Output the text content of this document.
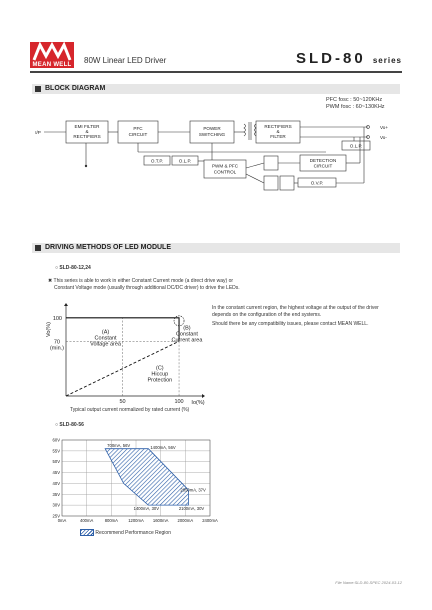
MEAN WELL	80W Linear LED Driver	SLD-80 series
BLOCK DIAGRAM
PFC fosc : 50~120KHz
PWM fosc : 60~130KHz
I/P
EMI FILTER
&
RECTIFIERS
PFC
CIRCUIT
POWER
SWITCHING
RECTIFIERS
&
FILTER
O.L.P.
O.T.P.	O.L.P.
PWM & PFC
CONTROL
DETECTION
CIRCUIT
O.V.P.
Vo+
Vo-
DRIVING METHODS OF LED MODULE
○ SLD-80-12,24
✖ This series is able to work in either Constant Current mode (a direct drive way) or
Constant Voltage mode (usually through additional DC/DC driver) to drive the LEDs.
In the constant current region, the highest voltage at the output of the driver
depends on the configuration of the end systems.
Should there be any compatibility issues, please contact MEAN WELL.
50	100 Io(%)
100
70
(min.)
Vo(%)	(A)
Constant
Voltage area
(B)
Constant
Current area
(C)
Hiccup
Protection
Typical output current normalized by rated current (%)
○ SLD-80-56
25V
30V
35V
40V
45V
50V
55V
60V
0mA	400mA	800mA 1200mA 1600mA 2000mA 2400mA
700mA, 56V	1400mA, 56V
2050mA, 37V
1400mA, 30V	2100mA, 30V
Recommend Performance Region
File Name:SLD-80-SPEC 2024-03-12
